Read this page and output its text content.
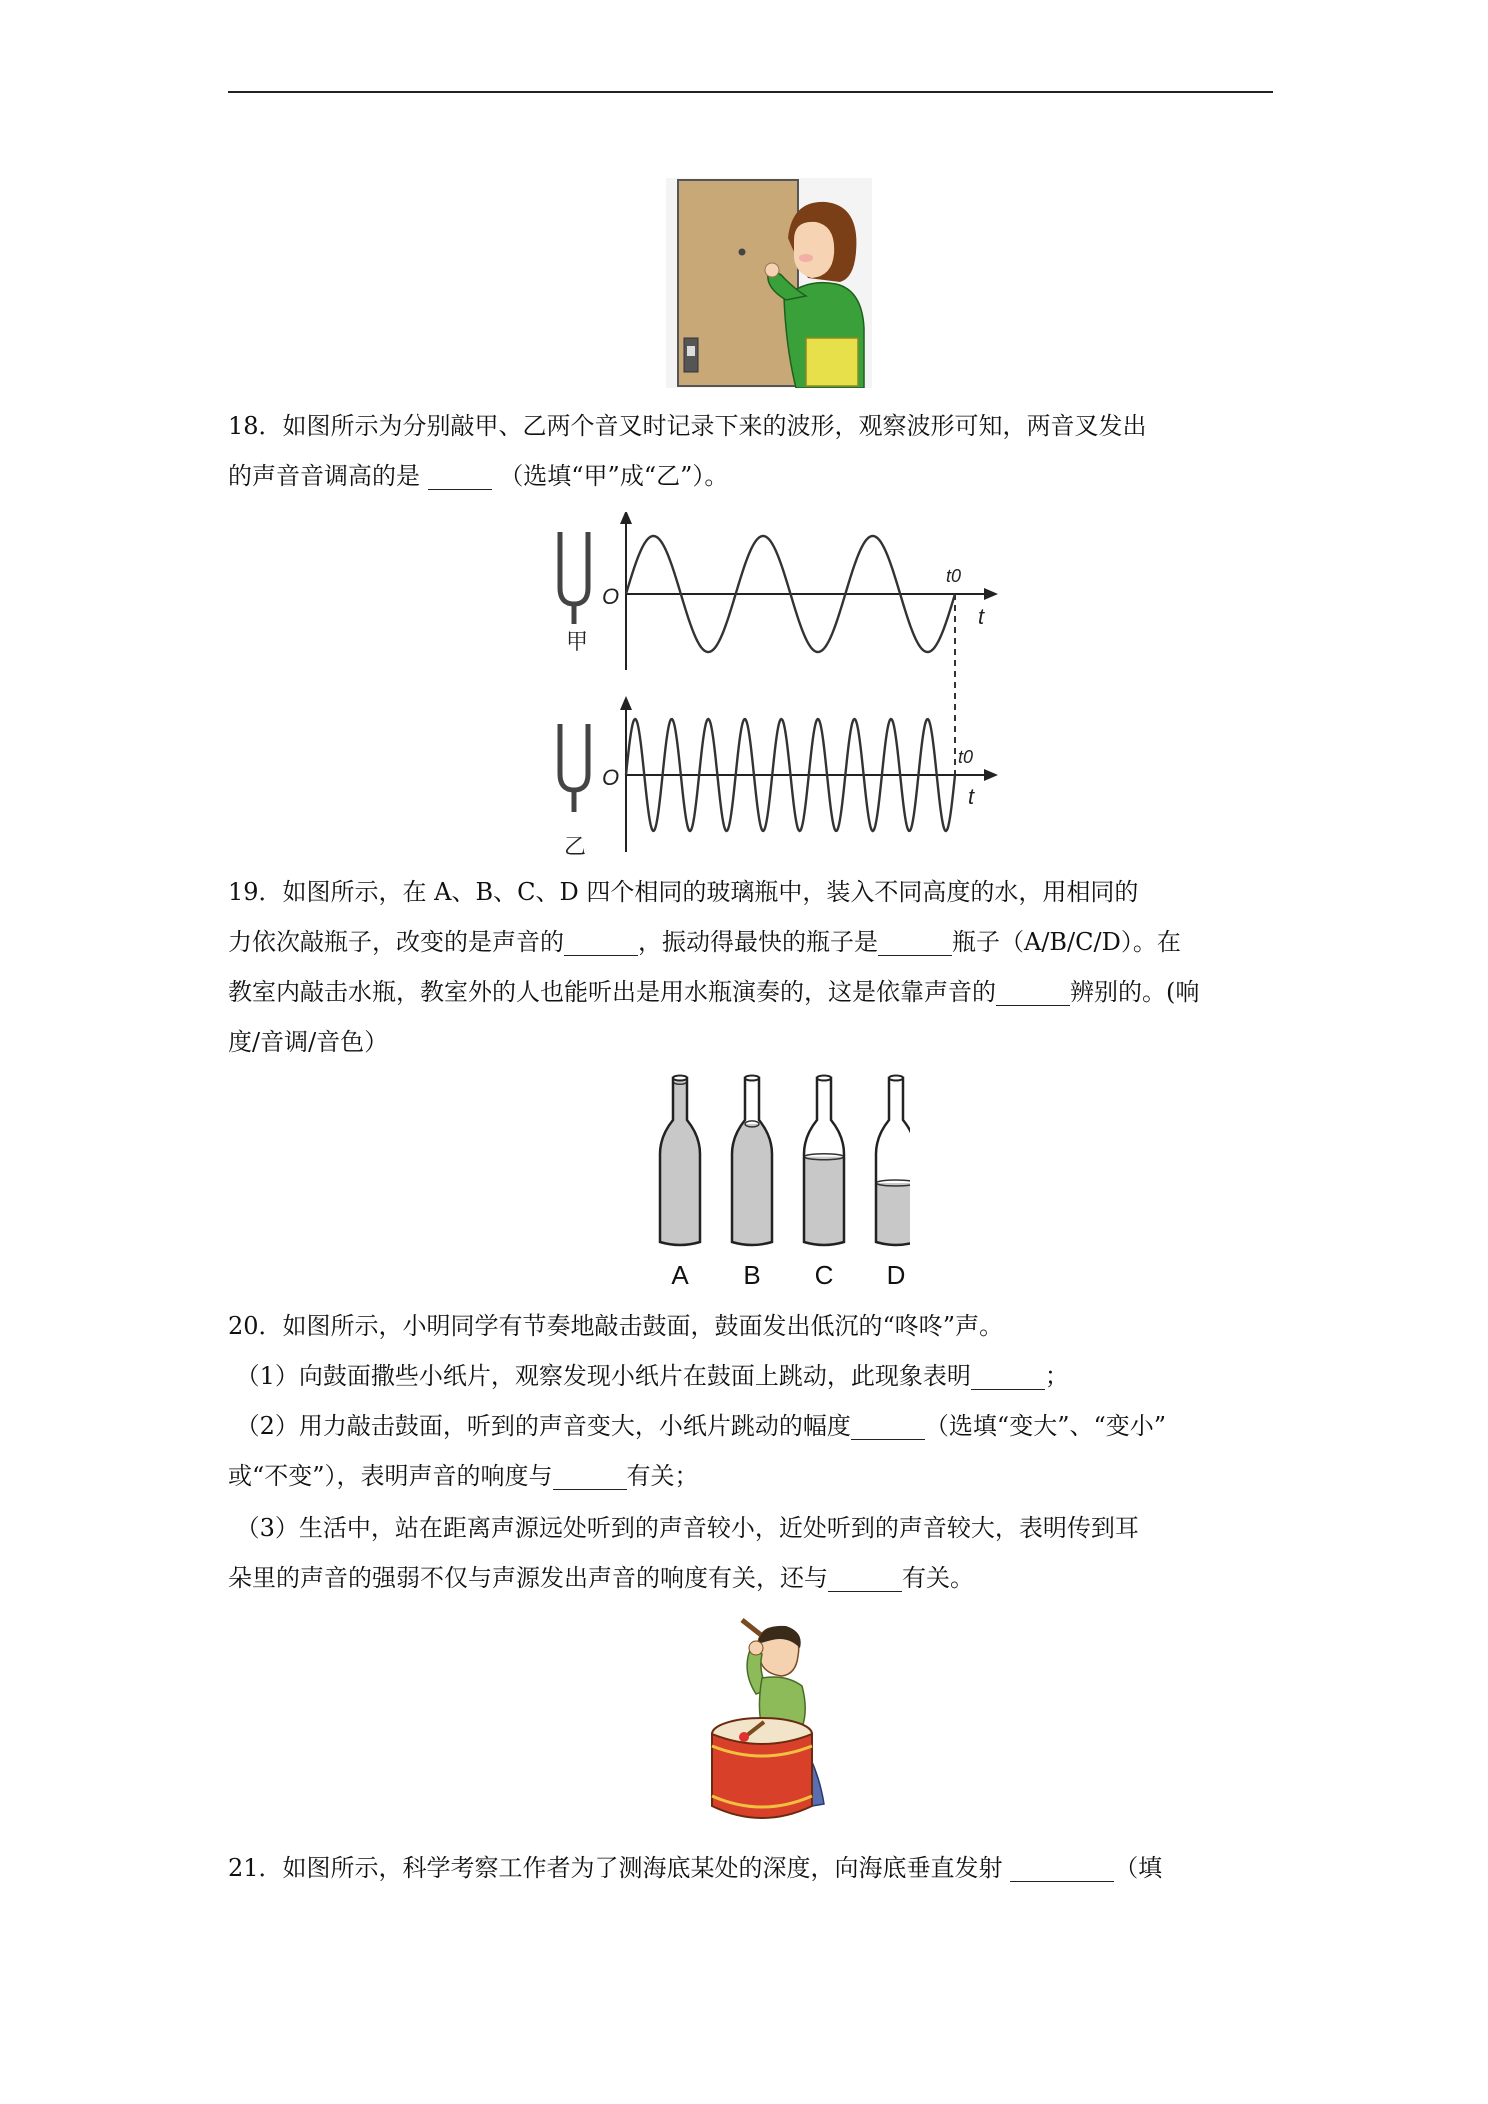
18．如图所示为分别敲甲、乙两个音叉时记录下来的波形，观察波形可知，两音叉发出

的声音音调高的是	（选填“甲”成“乙”）。

甲
O
t
t0
乙
O
t
t0

19．如图所示，在 A、B、C、D 四个相同的玻璃瓶中，装入不同高度的水，用相同的

力依次敲瓶子，改变的是声音的	，振动得最快的瓶子是	瓶子（A/B/C/D）。在

教室内敲击水瓶，教室外的人也能听出是用水瓶演奏的，这是依靠声音的	辨别的。(响

度/音调/音色）

A B C D

20．如图所示，小明同学有节奏地敲击鼓面，鼓面发出低沉的“咚咚”声。

（1）向鼓面撒些小纸片，观察发现小纸片在鼓面上跳动，此现象表明	；

（2）用力敲击鼓面，听到的声音变大，小纸片跳动的幅度	（选填“变大”、“变小”

或“不变”），表明声音的响度与	有关；

（3）生活中，站在距离声源远处听到的声音较小，近处听到的声音较大，表明传到耳

朵里的声音的强弱不仅与声源发出声音的响度有关，还与	有关。

21．如图所示，科学考察工作者为了测海底某处的深度，向海底垂直发射	（填
